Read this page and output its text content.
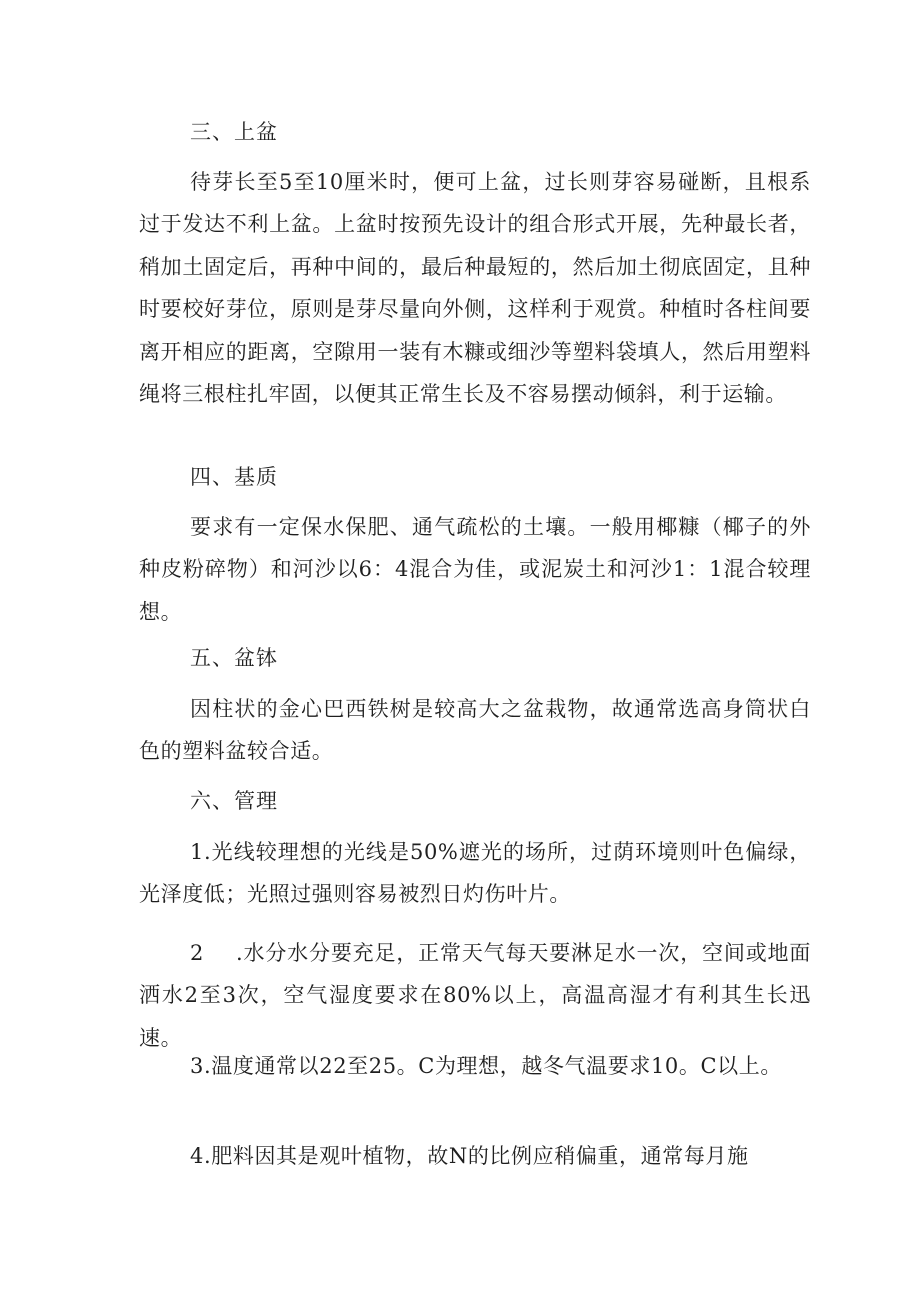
三、上盆

待芽长至5至10厘米时，便可上盆，过长则芽容易碰断，且根系过于发达不利上盆。上盆时按预先设计的组合形式开展，先种最长者，稍加土固定后，再种中间的，最后种最短的，然后加土彻底固定，且种时要校好芽位，原则是芽尽量向外侧，这样利于观赏。种植时各柱间要离开相应的距离，空隙用一装有木糠或细沙等塑料袋填人，然后用塑料绳将三根柱扎牢固，以便其正常生长及不容易摆动倾斜，利于运输。

四、基质

要求有一定保水保肥、通气疏松的土壤。一般用椰糠（椰子的外种皮粉碎物）和河沙以6：4混合为佳，或泥炭土和河沙1：1混合较理想。

五、盆钵

因柱状的金心巴西铁树是较高大之盆栽物，故通常选高身筒状白色的塑料盆较合适。

六、管理

1.光线较理想的光线是50%遮光的场所，过荫环境则叶色偏绿，光泽度低；光照过强则容易被烈日灼伤叶片。

2 .水分水分要充足，正常天气每天要淋足水一次，空间或地面洒水2至3次，空气湿度要求在80%以上，高温高湿才有利其生长迅速。

3.温度通常以22至25。C为理想，越冬气温要求10。C以上。

4.肥料因其是观叶植物，故N的比例应稍偏重，通常每月施
